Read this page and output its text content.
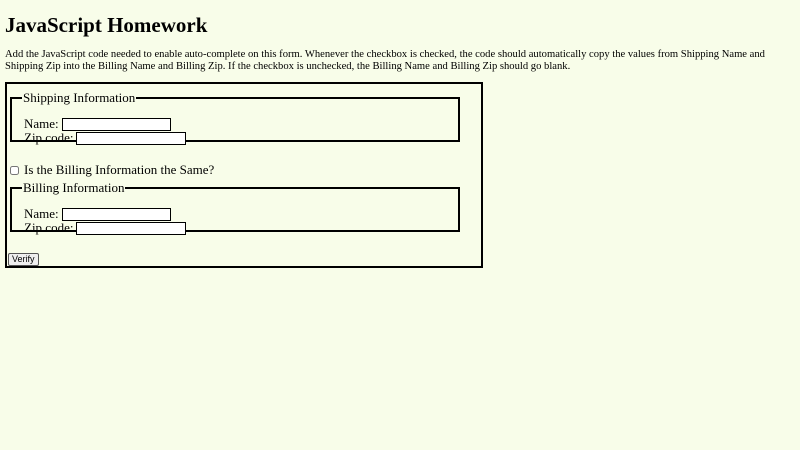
JavaScript Homework

Add the JavaScript code needed to enable auto-complete on this form. Whenever the checkbox is checked, the code should automatically copy the values from Shipping Name and Shipping Zip into the Billing Name and Billing Zip. If the checkbox is unchecked, the Billing Name and Billing Zip should go blank.

Shipping Information
Name:
Zip code:
Is the Billing Information the Same?
Billing Information
Name:
Zip code:
Verify
